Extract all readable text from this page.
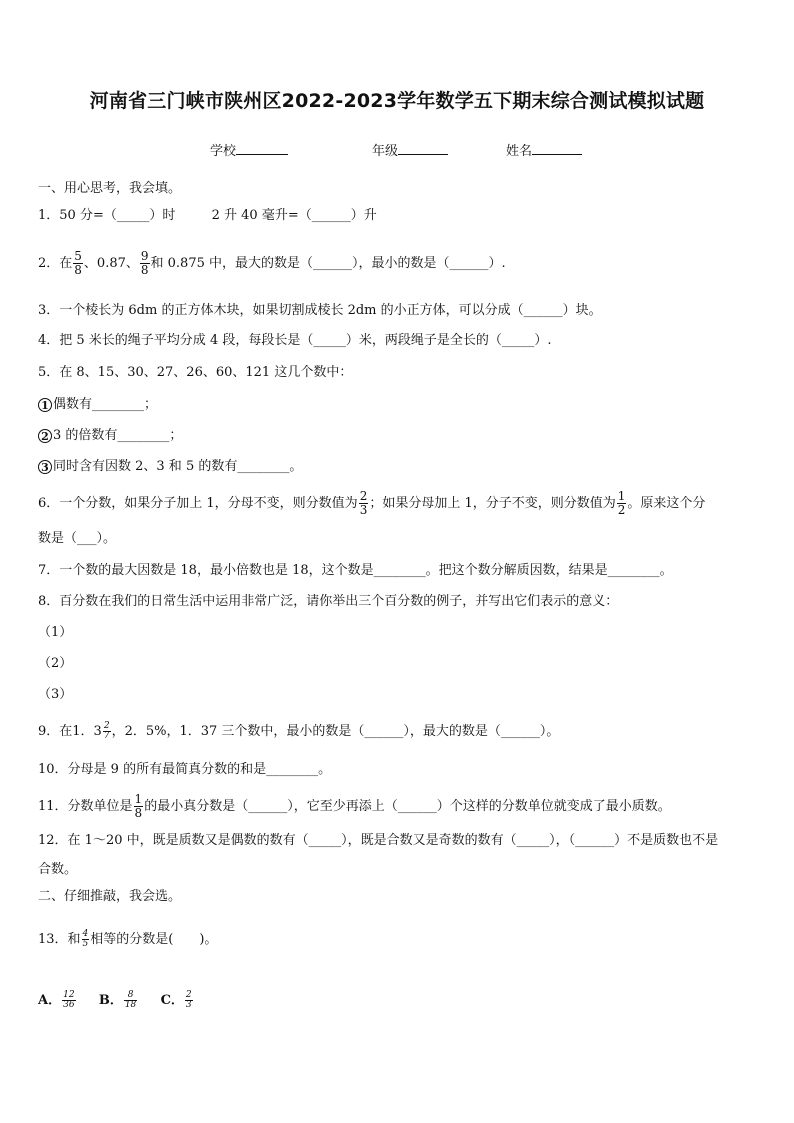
河南省三门峡市陕州区2022-2023学年数学五下期末综合测试模拟试题
学校	年级	姓名
一、用心思考，我会填。
1．50 分=（_____）时	2 升 40 毫升=（______）升
2．在 $\frac{5}{8}$ 、0.87、 $\frac{9}{8}$ 和 0.875 中，最大的数是（______），最小的数是（______）.
3．一个棱长为 6dm 的正方体木块，如果切割成棱长 2dm 的小正方体，可以分成（______）块。
4．把 5 米长的绳子平均分成 4 段，每段长是（_____）米，两段绳子是全长的（_____）.
5．在 8、15、30、27、26、60、121 这几个数中：
1 偶数有________；
2 3 的倍数有________；
3 同时含有因数 2、3 和 5 的数有________。
6．一个分数，如果分子加上 1，分母不变，则分数值为 $\frac{2}{3}$ ；如果分母加上 1，分子不变，则分数值为 $\frac{1}{2}$ 。原来这个分
数是（___）。
7．一个数的最大因数是 18，最小倍数也是 18，这个数是________。把这个数分解质因数，结果是________。
8．百分数在我们的日常生活中运用非常广泛，请你举出三个百分数的例子，并写出它们表示的意义：
（1）
（2）
（3）
9．在1．$3 \frac{2}{7}$ ，2．5%，1．37 三个数中，最小的数是（______），最大的数是（______）。
10．分母是 9 的所有最简真分数的和是________。
11．分数单位是 $\frac{1}{8}$ 的最小真分数是（______），它至少再添上（______）个这样的分数单位就变成了最小质数。
12．在 1～20 中，既是质数又是偶数的数有（_____），既是合数又是奇数的数有（_____），（______）不是质数也不是
合数。
二、仔细推敲，我会选。
13．和 $\frac{4}{5}$ 相等的分数是(　　)。
A． $\frac{12}{36}$ B． $\frac{8}{18}$ C． $\frac{2}{3}$
